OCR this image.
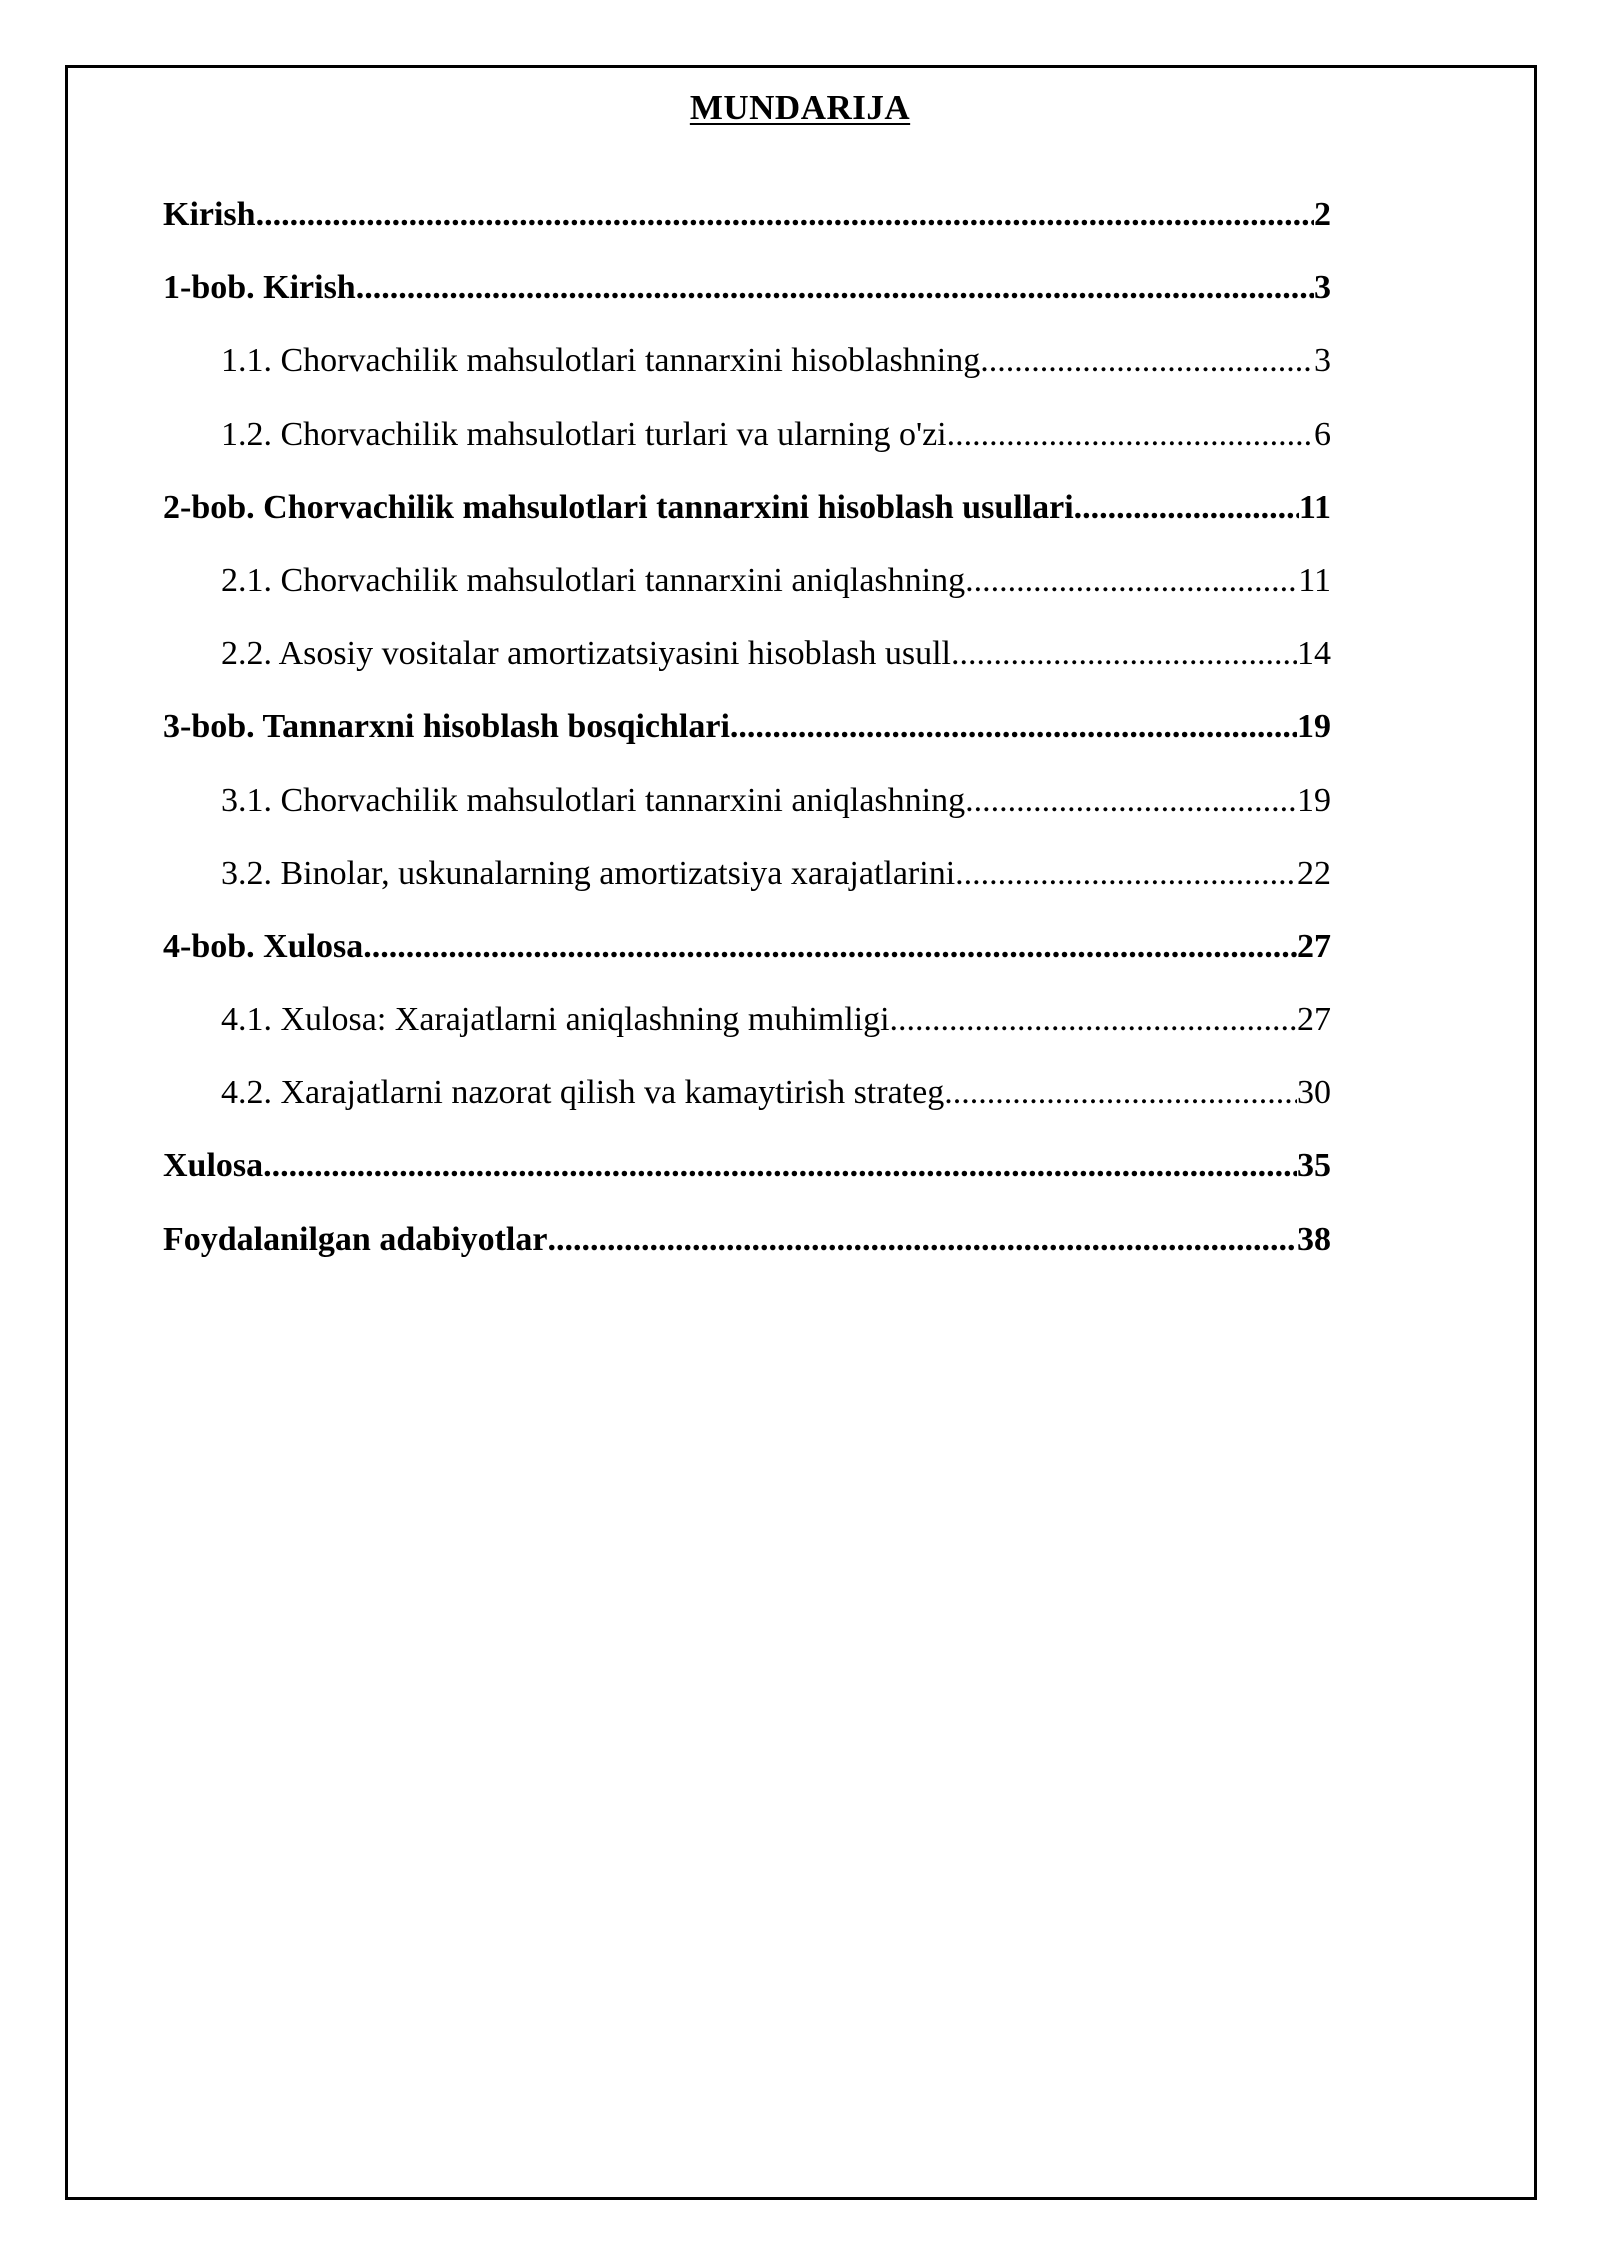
MUNDARIJA
Kirish .....	2
1-bob. Kirish .....	3
1.1. Chorvachilik mahsulotlari tannarxini hisoblashning .....	3
1.2. Chorvachilik mahsulotlari turlari va ularning o'zi .....	6
2-bob. Chorvachilik mahsulotlari tannarxini hisoblash usullari .....	11
2.1. Chorvachilik mahsulotlari tannarxini aniqlashning .....	11
2.2. Asosiy vositalar amortizatsiyasini hisoblash usull .....	14
3-bob. Tannarxni hisoblash bosqichlari .....	19
3.1. Chorvachilik mahsulotlari tannarxini aniqlashning .....	19
3.2. Binolar, uskunalarning amortizatsiya xarajatlarini .....	22
4-bob. Xulosa .....	27
4.1. Xulosa: Xarajatlarni aniqlashning muhimligi .....	27
4.2. Xarajatlarni nazorat qilish va kamaytirish strateg .....	30
Xulosa .....	35
Foydalanilgan adabiyotlar .....	38
